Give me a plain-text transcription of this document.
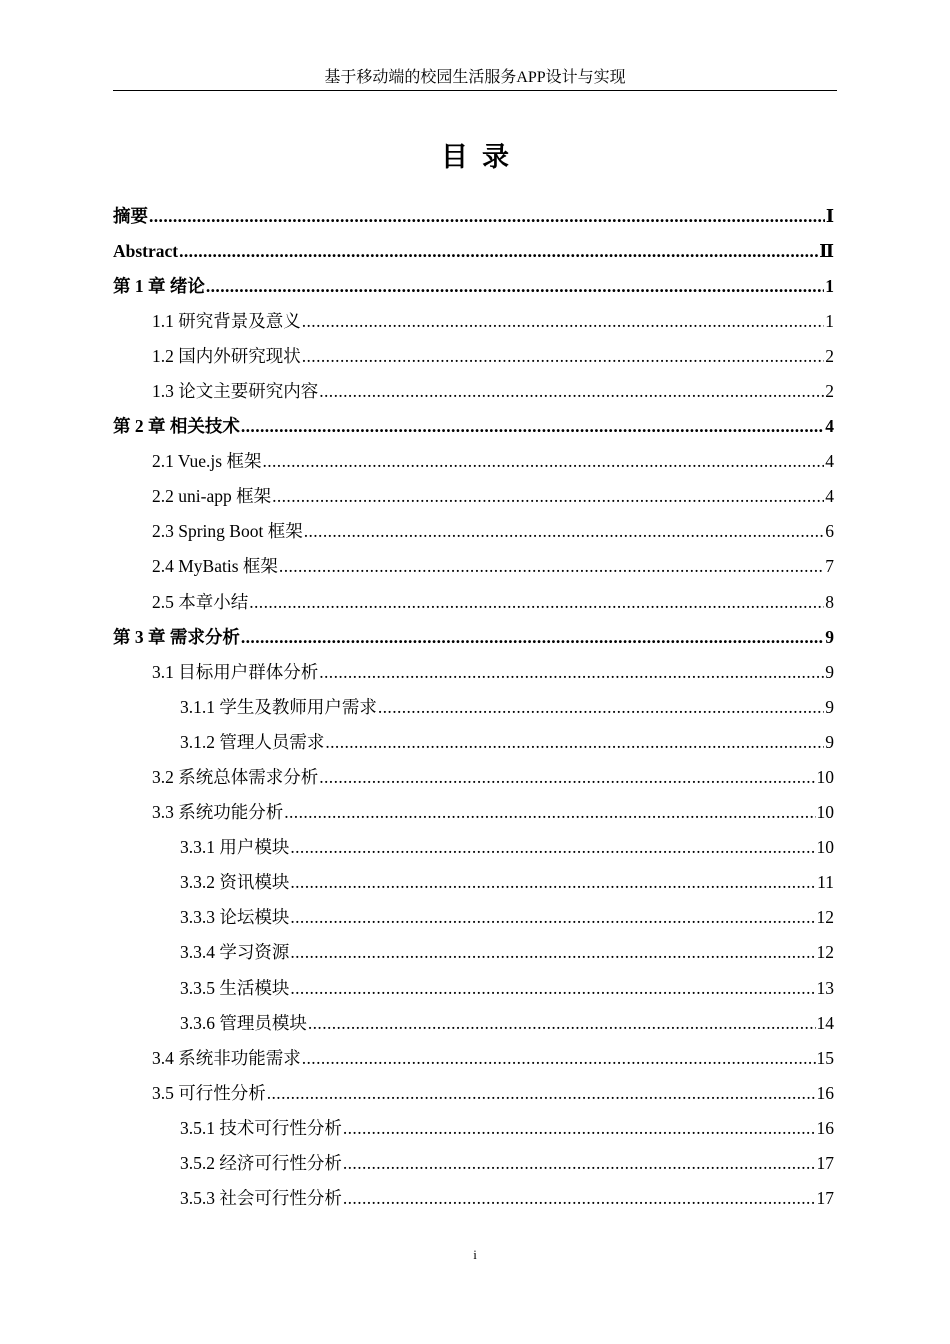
基于移动端的校园生活服务APP设计与实现
目录
摘要 .....	Ⅰ
Abstract .....	Ⅱ
第 1 章 绪论 .....	1
1.1 研究背景及意义 .....	1
1.2 国内外研究现状 .....	2
1.3 论文主要研究内容 .....	2
第 2 章 相关技术 .....	4
2.1 Vue.js 框架 .....	4
2.2 uni-app 框架 .....	4
2.3 Spring Boot 框架 .....	6
2.4 MyBatis 框架 .....	7
2.5 本章小结 .....	8
第 3 章 需求分析 .....	9
3.1 目标用户群体分析 .....	9
3.1.1 学生及教师用户需求 .....	9
3.1.2 管理人员需求 .....	9
3.2 系统总体需求分析 .....	10
3.3 系统功能分析 .....	10
3.3.1 用户模块 .....	10
3.3.2 资讯模块 .....	11
3.3.3 论坛模块 .....	12
3.3.4 学习资源 .....	12
3.3.5 生活模块 .....	13
3.3.6 管理员模块 .....	14
3.4 系统非功能需求 .....	15
3.5 可行性分析 .....	16
3.5.1 技术可行性分析 .....	16
3.5.2 经济可行性分析 .....	17
3.5.3 社会可行性分析 .....	17
i
